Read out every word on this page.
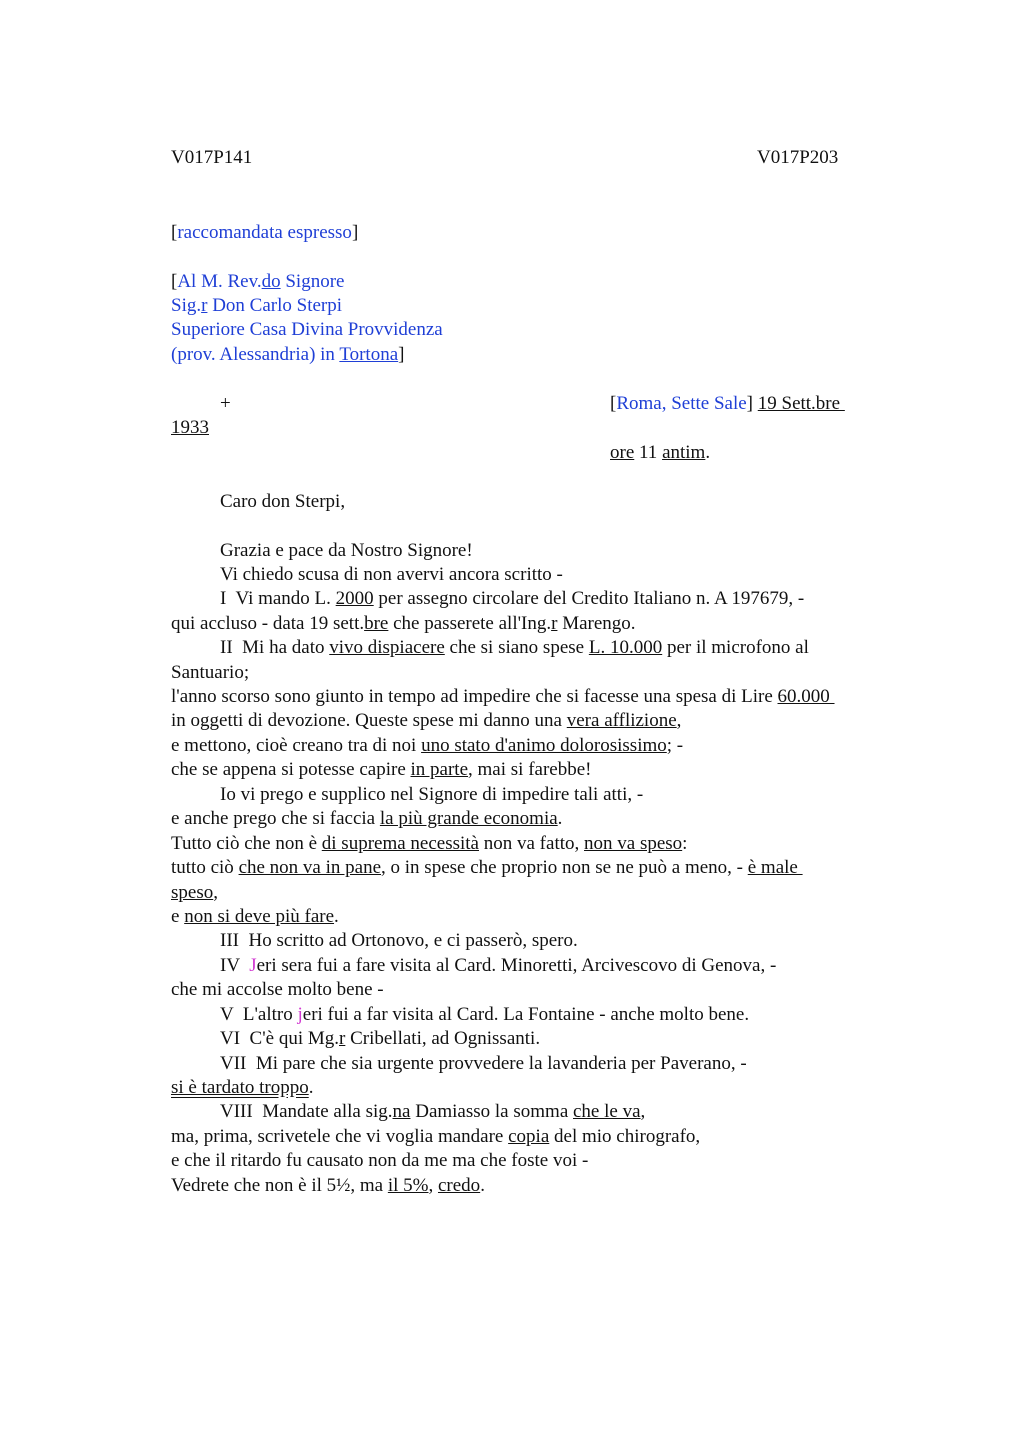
V017P141	V017P203
[raccomandata espresso]
[Al M. Rev.do Signore
Sig.r Don Carlo Sterpi
Superiore Casa Divina Provvidenza
(prov. Alessandria) in Tortona]
+	[Roma, Sette Sale] 19 Sett.bre
1933
ore 11 antim.
Caro don Sterpi,
Grazia e pace da Nostro Signore!
Vi chiedo scusa di non avervi ancora scritto -
I  Vi mando L. 2000 per assegno circolare del Credito Italiano n. A 197679, -
qui accluso - data 19 sett.bre che passerete all'Ing.r Marengo.
II  Mi ha dato vivo dispiacere che si siano spese L. 10.000 per il microfono al
Santuario;
l'anno scorso sono giunto in tempo ad impedire che si facesse una spesa di Lire 60.000
in oggetti di devozione. Queste spese mi danno una vera afflizione,
e mettono, cioè creano tra di noi uno stato d'animo dolorosissimo; -
che se appena si potesse capire in parte, mai si farebbe!
Io vi prego e supplico nel Signore di impedire tali atti, -
e anche prego che si faccia la più grande economia.
Tutto ciò che non è di suprema necessità non va fatto, non va speso:
tutto ciò che non va in pane, o in spese che proprio non se ne può a meno, - è male
speso,
e non si deve più fare.
III  Ho scritto ad Ortonovo, e ci passerò, spero.
IV  Jeri sera fui a fare visita al Card. Minoretti, Arcivescovo di Genova, -
che mi accolse molto bene -
V  L'altro jeri fui a far visita al Card. La Fontaine - anche molto bene.
VI  C'è qui Mg.r Cribellati, ad Ognissanti.
VII  Mi pare che sia urgente provvedere la lavanderia per Paverano, -
si è tardato troppo.
VIII  Mandate alla sig.na Damiasso la somma che le va,
ma, prima, scrivetele che vi voglia mandare copia del mio chirografo,
e che il ritardo fu causato non da me ma che foste voi -
Vedrete che non è il 5½, ma il 5%, credo.
